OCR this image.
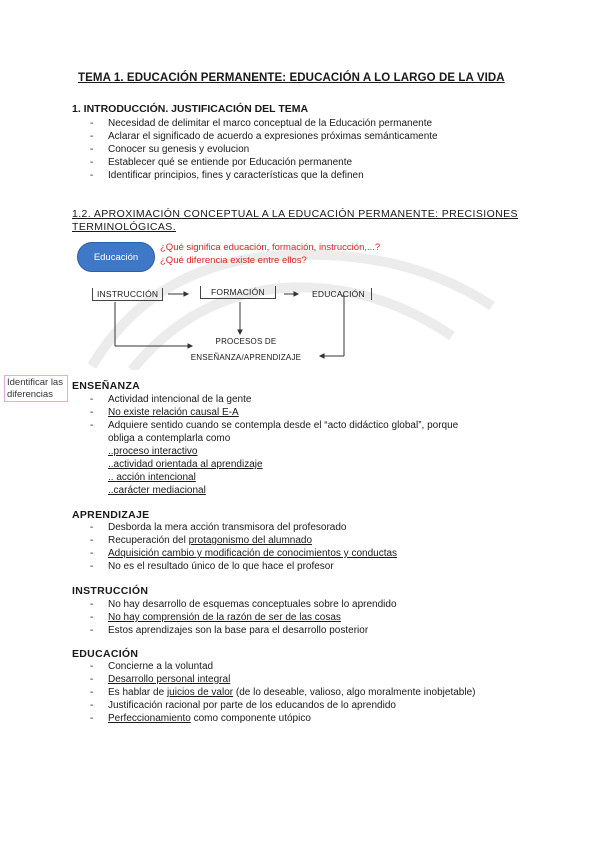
TEMA 1. EDUCACIÓN PERMANENTE: EDUCACIÓN A LO LARGO DE LA VIDA
1. INTRODUCCIÓN. JUSTIFICACIÓN DEL TEMA
- Necesidad de delimitar el marco conceptual de la Educación permanente
- Aclarar el significado de acuerdo a expresiones próximas semánticamente
- Conocer su genesis y evolucion
- Establecer qué se entiende por Educación permanente
- Identificar principios, fines y características que la definen
1.2. APROXIMACIÓN CONCEPTUAL A LA EDUCACIÓN PERMANENTE: PRECISIONES
TERMINOLÓGICAS.
Educación
¿Qué significa educación, formación, instrucción,...?
¿Qué diferencia existe entre ellos?
INSTRUCCIÓN	FORMACIÓN	EDUCACIÓN
PROCESOS DE
ENSEÑANZA/APRENDIZAJE
Identificar las diferencias
ENSEÑANZA
- Actividad intencional de la gente
- No existe relación causal E-A
- Adquiere sentido cuando se contempla desde el “acto didáctico global”, porque
obliga a contemplarla como
..proceso interactivo
..actividad orientada al aprendizaje
.. acción intencional
..carácter mediacional
APRENDIZAJE
- Desborda la mera acción transmisora del profesorado
- Recuperación del protagonismo del alumnado
- Adquisición cambio y modificación de conocimientos y conductas
- No es el resultado único de lo que hace el profesor
INSTRUCCIÓN
- No hay desarrollo de esquemas conceptuales sobre lo aprendido
- No hay comprensión de la razón de ser de las cosas
- Estos aprendizajes son la base para el desarrollo posterior
EDUCACIÓN
- Concierne a la voluntad
- Desarrollo personal integral
- Es hablar de juicios de valor (de lo deseable, valioso, algo moralmente inobjetable)
- Justificación racional por parte de los educandos de lo aprendido
- Perfeccionamiento como componente utópico
